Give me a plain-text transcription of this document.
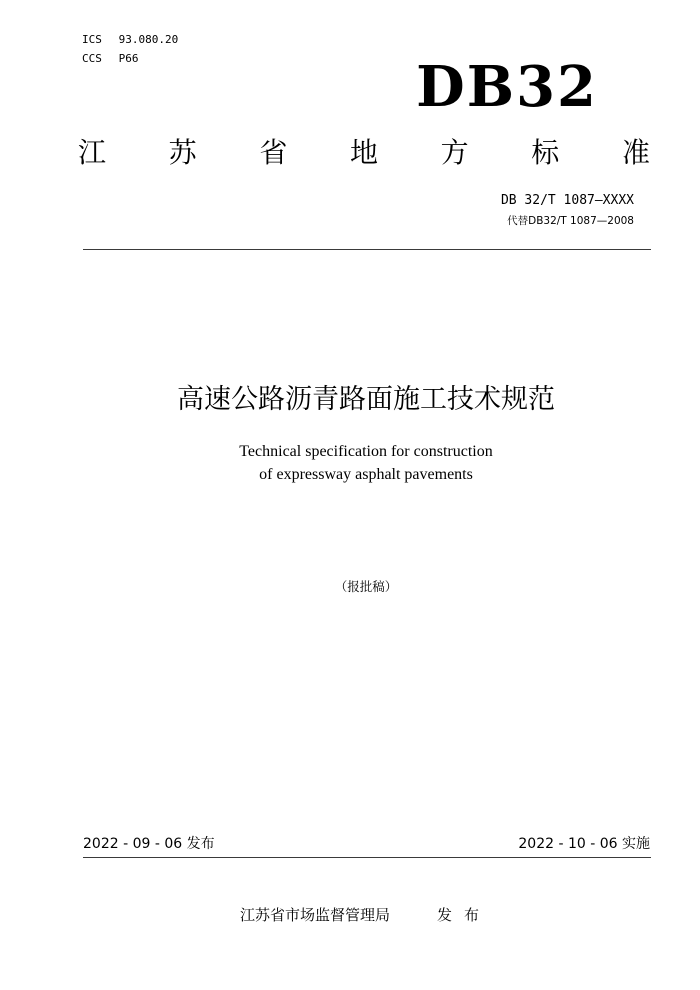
ICS 93.080.20
CCS P66	DB32
江 苏 省 地 方 标 准
DB 32/T 1087—XXXX
代替DB32/T 1087—2008
高速公路沥青路面施工技术规范
Technical specification for construction
of expressway asphalt pavements
（报批稿）
2022 - 09 - 06 发布	2022 - 10 - 06 实施
江苏省市场监督管理局	发布
